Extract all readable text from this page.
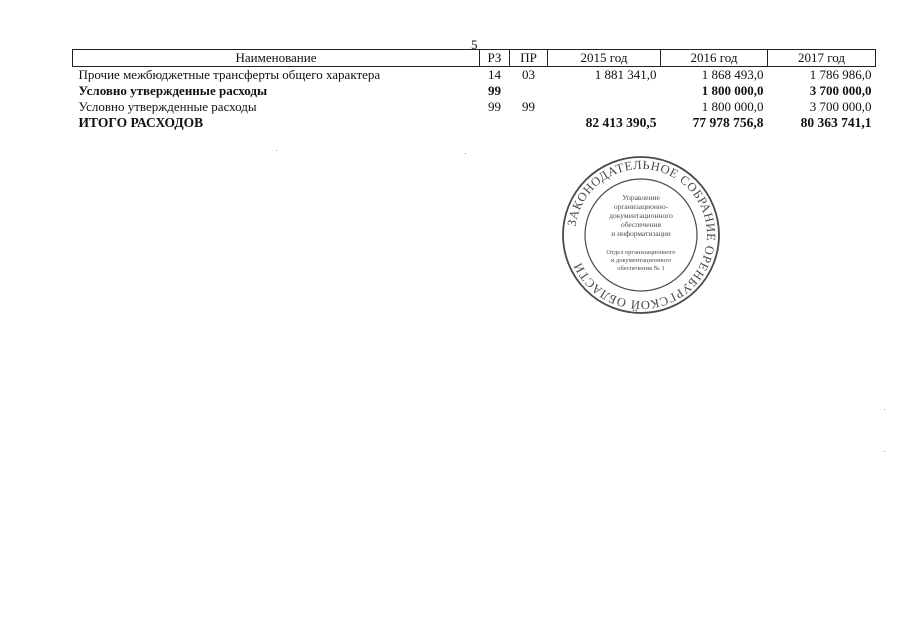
5
Наименование	РЗ	ПР	2015 год	2016 год	2017 год
Прочие межбюджетные трансферты общего характера	14	03	1 881 341,0	1 868 493,0	1 786 986,0
Условно утвержденные расходы	99			1 800 000,0	3 700 000,0
Условно утвержденные расходы	99	99		1 800 000,0	3 700 000,0
ИТОГО РАСХОДОВ			82 413 390,5	77 978 756,8	80 363 741,1
ЗАКОНОДАТЕЛЬНОЕ СОБРАНИЕ ОРЕНБУРГСКОЙ ОБЛАСТИ
Управление
организационно-
документационного
обеспечения
и информатизации
Отдел организационного
и документационного
обеспечения № 1
